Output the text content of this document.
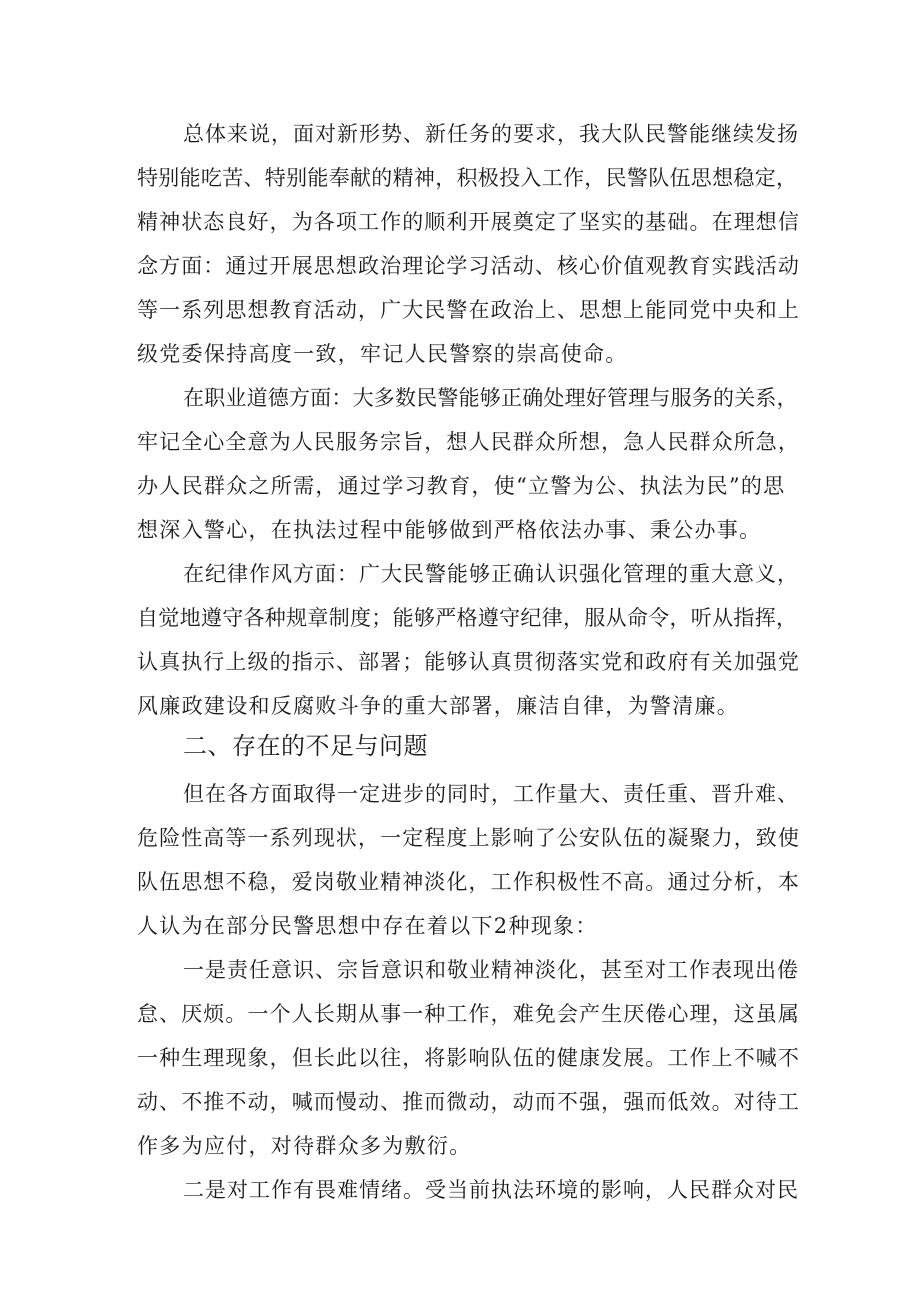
总体来说，面对新形势、新任务的要求，我大队民警能继续发扬
特别能吃苦、特别能奉献的精神，积极投入工作，民警队伍思想稳定，
精神状态良好，为各项工作的顺利开展奠定了坚实的基础。在理想信
念方面：通过开展思想政治理论学习活动、核心价值观教育实践活动
等一系列思想教育活动，广大民警在政治上、思想上能同党中央和上
级党委保持高度一致，牢记人民警察的崇高使命。
在职业道德方面：大多数民警能够正确处理好管理与服务的关系，
牢记全心全意为人民服务宗旨，想人民群众所想，急人民群众所急，
办人民群众之所需，通过学习教育，使“立警为公、执法为民”的思
想深入警心，在执法过程中能够做到严格依法办事、秉公办事。
在纪律作风方面：广大民警能够正确认识强化管理的重大意义，
自觉地遵守各种规章制度；能够严格遵守纪律，服从命令，听从指挥，
认真执行上级的指示、部署；能够认真贯彻落实党和政府有关加强党
风廉政建设和反腐败斗争的重大部署，廉洁自律，为警清廉。
二、存在的不足与问题
但在各方面取得一定进步的同时，工作量大、责任重、晋升难、
危险性高等一系列现状，一定程度上影响了公安队伍的凝聚力，致使
队伍思想不稳，爱岗敬业精神淡化，工作积极性不高。通过分析，本
人认为在部分民警思想中存在着以下2种现象：
一是责任意识、宗旨意识和敬业精神淡化，甚至对工作表现出倦
怠、厌烦。一个人长期从事一种工作，难免会产生厌倦心理，这虽属
一种生理现象，但长此以往，将影响队伍的健康发展。工作上不喊不
动、不推不动，喊而慢动、推而微动，动而不强，强而低效。对待工
作多为应付，对待群众多为敷衍。
二是对工作有畏难情绪。受当前执法环境的影响，人民群众对民
